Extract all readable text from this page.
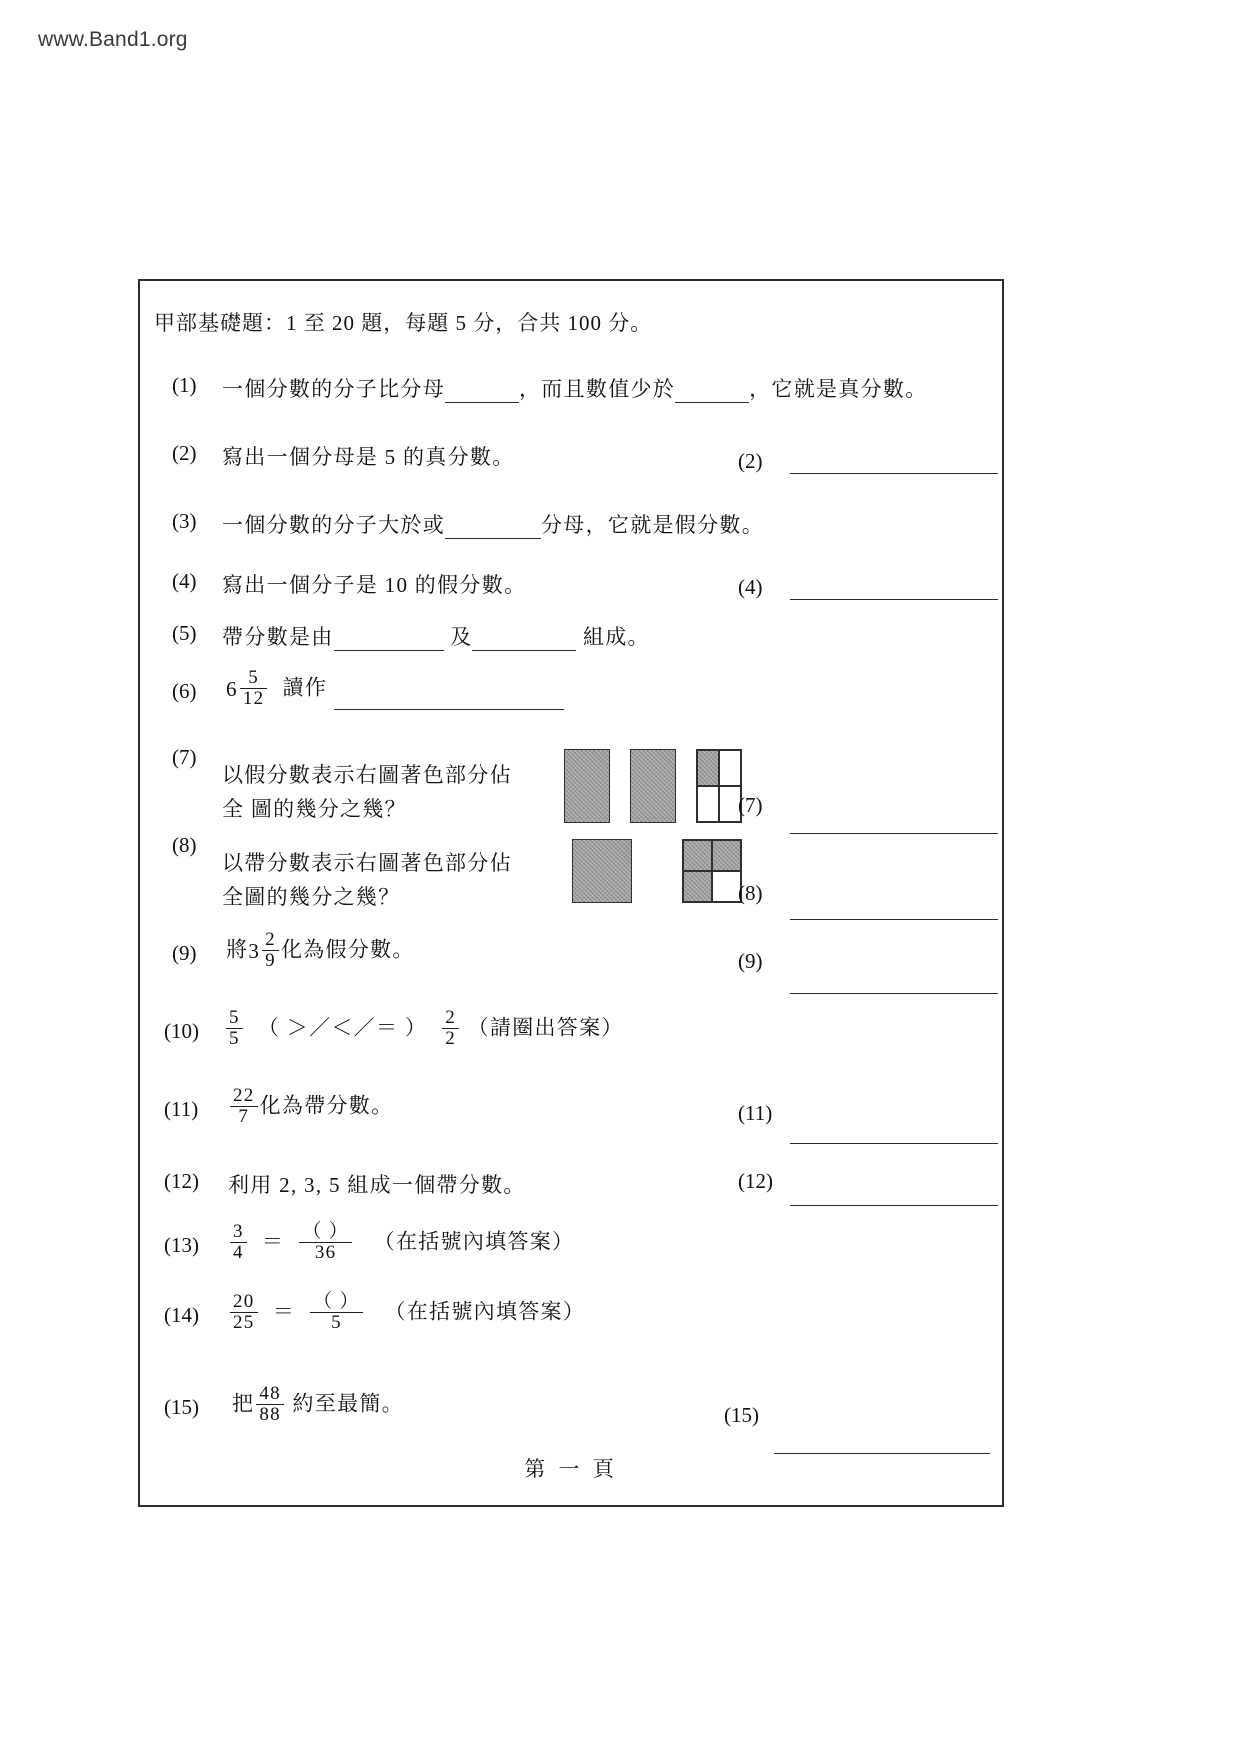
www.Band1.org
甲部基礎題：1 至 20 題，每題 5 分，合共 100 分。
(1) 一個分數的分子比分母	，而且數值少於	，它就是真分數。
(2) 寫出一個分母是 5 的真分數。	(2)
(3) 一個分數的分子大於或	分母，它就是假分數。
(4) 寫出一個分子是 10 的假分數。	(4)
(5) 帶分數是由	及	組成。
(6) $6 \frac{5}{12}$ 讀作
(7)
以假分數表示右圖著色部分佔
全 圖的幾分之幾？
	(7)
(8)
以帶分數表示右圖著色部分佔
全圖的幾分之幾？
	(8)
(9) 將$3 \frac{2}{9}$ 化為假分數。	(9)
$(10) \frac{5}{5}$ （ ＞／＜／＝ ） $\frac{2}{2}$ （請圈出答案）
$(11) \frac{22}{7}$ 化為帶分數。	(11)
(12) 利用 2, 3, 5 組成一個帶分數。	(12)
$(13) \frac{3}{4} = \frac{( )}{36}$ （在括號內填答案）
$(14) \frac{20}{25} = \frac{( )}{5}$ （在括號內填答案）
(15) 把 $\frac{48}{88}$ 約至最簡。	(15)
第 一 頁
